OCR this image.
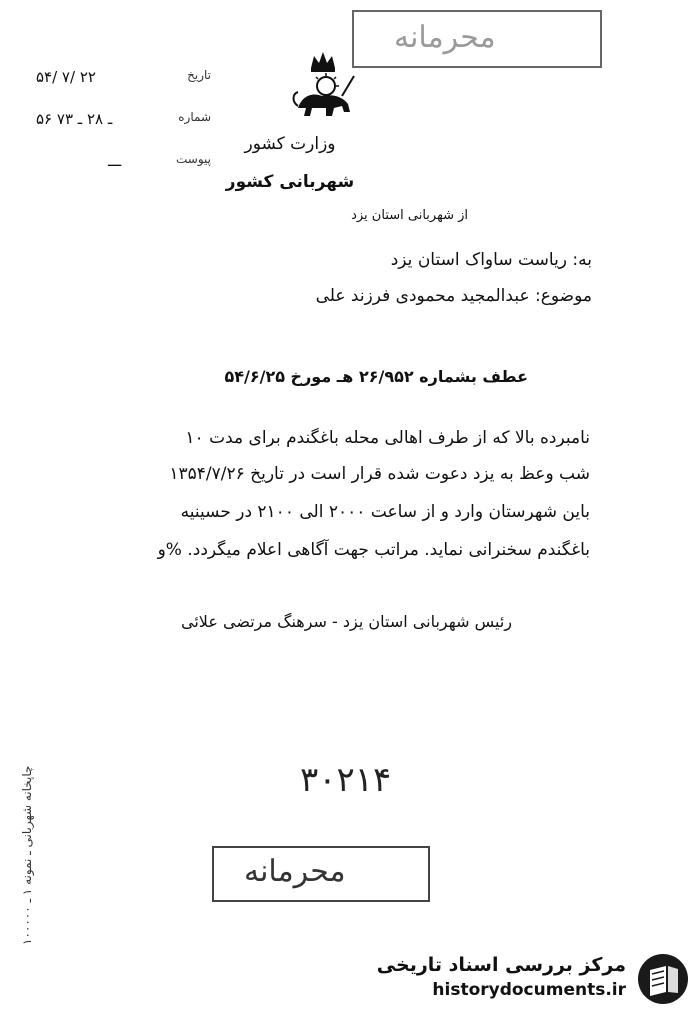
۵۴/ ۷/ ۲۲	تاریخ
۵۶ ـ ۲۸ ـ ۷۳	شماره
ـــ	پیوست
محرمانه
وزارت کشور
شهربانی کشور
از شهربانی استان یزد
به: ریاست ساواک استان یزد
موضوع: عبدالمجید محمودی فرزند علی
عطف بشماره ۲۶/۹۵۲ هـ مورخ ۵۴/۶/۲۵
نامبرده بالا که از طرف اهالی محله باغگندم برای مدت ۱۰
شب وعظ به یزد دعوت شده قرار است در تاریخ ۱۳۵۴/۷/۲۶
باین شهرستان وارد و از ساعت ۲۰۰۰ الی ۲۱۰۰ در حسینیه
باغگندم سخنرانی نماید. مراتب جهت آگاهی اعلام میگردد. %و
رئیس شهربانی استان یزد - سرهنگ مرتضی علائی
۳۰۲۱۴
محرمانه
چاپخانه شهربانی ـ نمونه ۱ ـ ۱۰۰۰۰۰
مرکز بررسی اسناد تاریخی
historydocuments.ir
